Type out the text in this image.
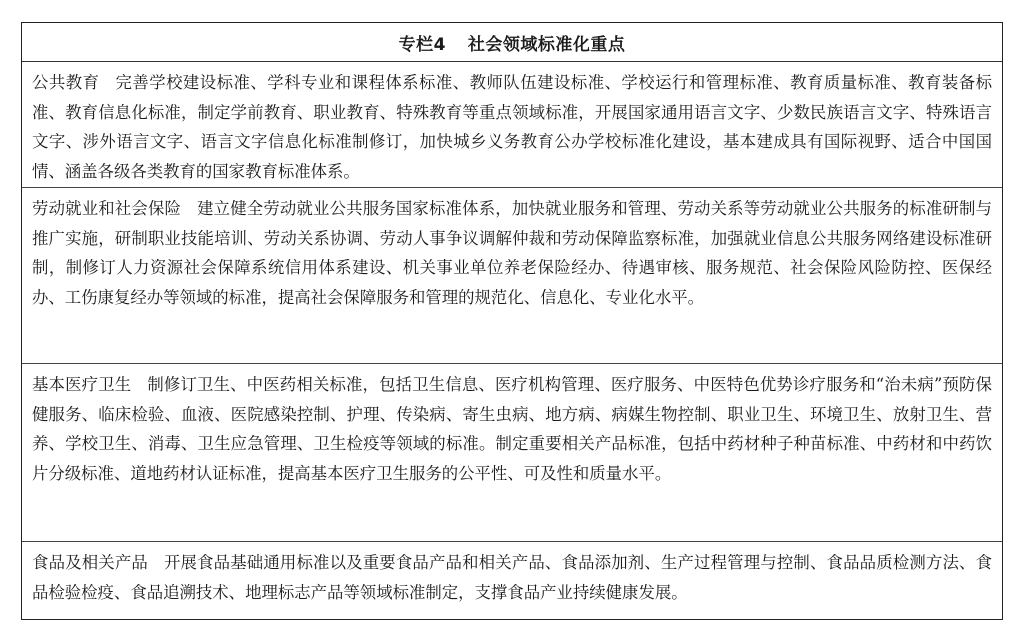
专栏4 社会领域标准化重点
公共教育 完善学校建设标准、学科专业和课程体系标准、教师队伍建设标准、学校运行和管理标准、教育质量标准、教育装备标准、教育信息化标准，制定学前教育、职业教育、特殊教育等重点领域标准，开展国家通用语言文字、少数民族语言文字、特殊语言文字、涉外语言文字、语言文字信息化标准制修订，加快城乡义务教育公办学校标准化建设，基本建成具有国际视野、适合中国国情、涵盖各级各类教育的国家教育标准体系。
劳动就业和社会保险 建立健全劳动就业公共服务国家标准体系，加快就业服务和管理、劳动关系等劳动就业公共服务的标准研制与推广实施，研制职业技能培训、劳动关系协调、劳动人事争议调解仲裁和劳动保障监察标准，加强就业信息公共服务网络建设标准研制，制修订人力资源社会保障系统信用体系建设、机关事业单位养老保险经办、待遇审核、服务规范、社会保险风险防控、医保经办、工伤康复经办等领域的标准，提高社会保障服务和管理的规范化、信息化、专业化水平。
基本医疗卫生 制修订卫生、中医药相关标准，包括卫生信息、医疗机构管理、医疗服务、中医特色优势诊疗服务和“治未病”预防保健服务、临床检验、血液、医院感染控制、护理、传染病、寄生虫病、地方病、病媒生物控制、职业卫生、环境卫生、放射卫生、营养、学校卫生、消毒、卫生应急管理、卫生检疫等领域的标准。制定重要相关产品标准，包括中药材种子种苗标准、中药材和中药饮片分级标准、道地药材认证标准，提高基本医疗卫生服务的公平性、可及性和质量水平。
食品及相关产品 开展食品基础通用标准以及重要食品产品和相关产品、食品添加剂、生产过程管理与控制、食品品质检测方法、食品检验检疫、食品追溯技术、地理标志产品等领域标准制定，支撑食品产业持续健康发展。
